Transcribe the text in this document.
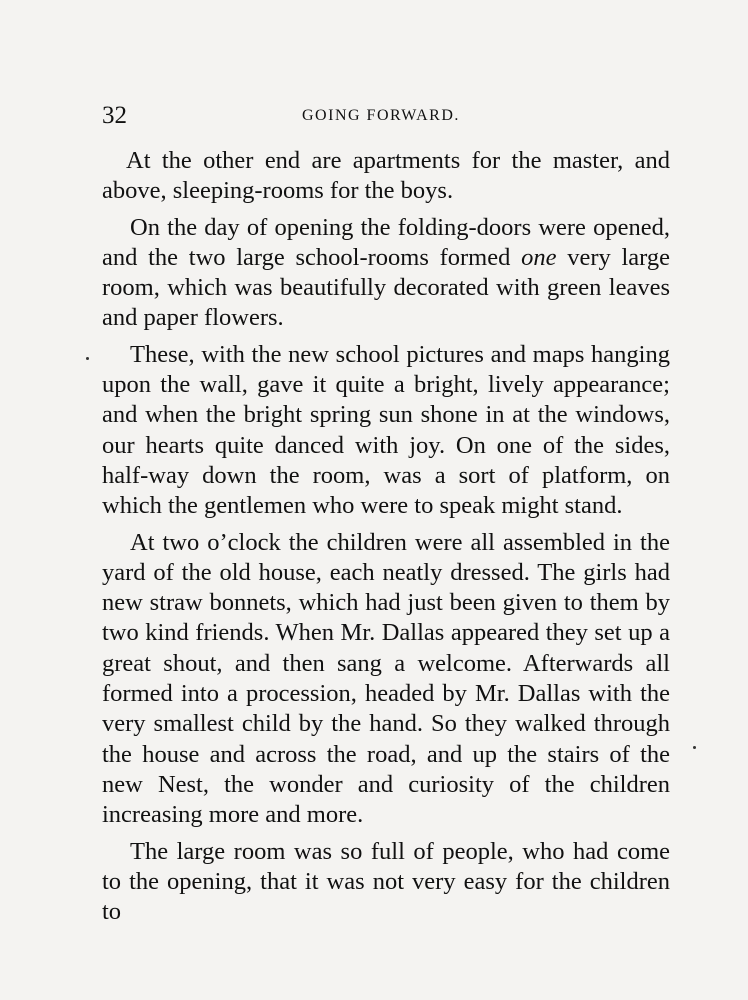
32	GOING FORWARD.

At the other end are apartments for the master, and above, sleeping-rooms for the boys.

On the day of opening the folding-doors were opened, and the two large school-rooms formed one very large room, which was beautifully decorated with green leaves and paper flowers.

These, with the new school pictures and maps hanging upon the wall, gave it quite a bright, lively appearance; and when the bright spring sun shone in at the windows, our hearts quite danced with joy. On one of the sides, half-way down the room, was a sort of platform, on which the gentlemen who were to speak might stand.

At two o’clock the children were all assembled in the yard of the old house, each neatly dressed. The girls had new straw bonnets, which had just been given to them by two kind friends. When Mr. Dallas appeared they set up a great shout, and then sang a welcome. Afterwards all formed into a procession, headed by Mr. Dallas with the very smallest child by the hand. So they walked through the house and across the road, and up the stairs of the new Nest, the wonder and curiosity of the children increasing more and more.

The large room was so full of people, who had come to the opening, that it was not very easy for the children to
